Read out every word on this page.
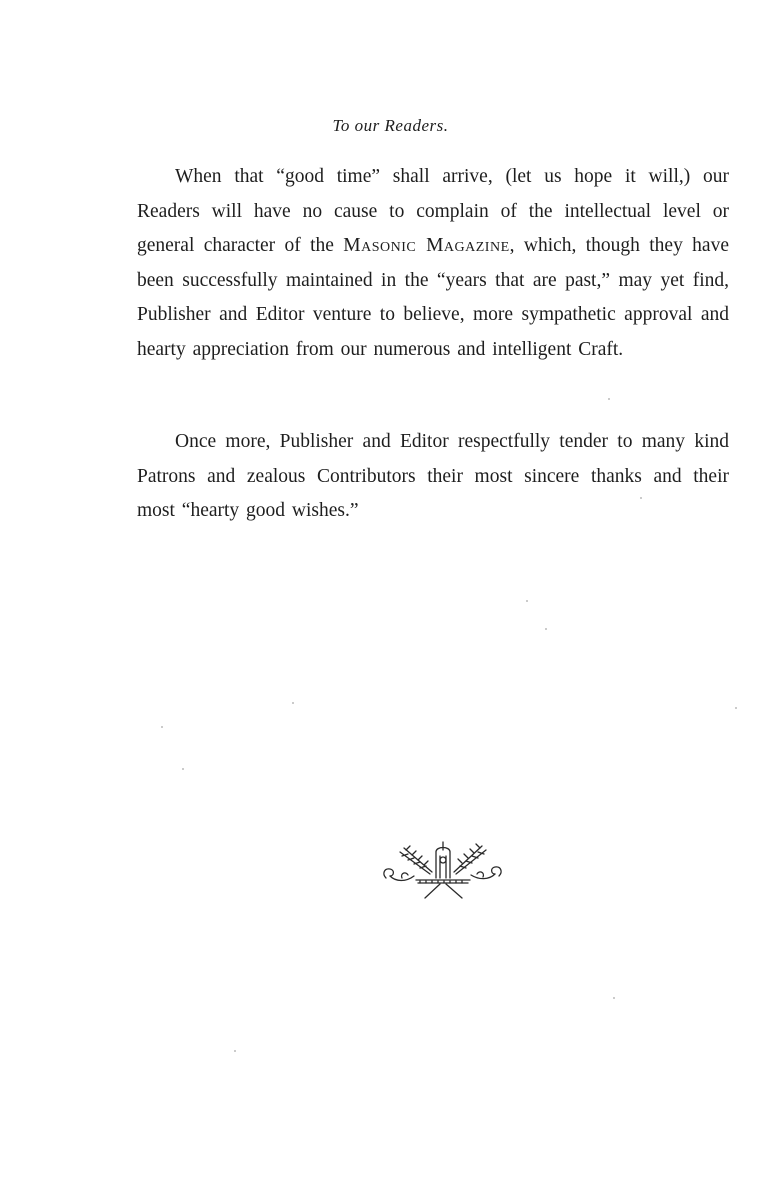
To our Readers.

When that “good time” shall arrive, (let us hope it will,) our Readers will have no cause to complain of the intellectual level or general character of the Masonic Magazine, which, though they have been successfully maintained in the “years that are past,” may yet find, Publisher and Editor venture to believe, more sympathetic approval and hearty appreciation from our numerous and intelligent Craft.

Once more, Publisher and Editor respectfully tender to many kind Patrons and zealous Contributors their most sincere thanks and their most “hearty good wishes.”
